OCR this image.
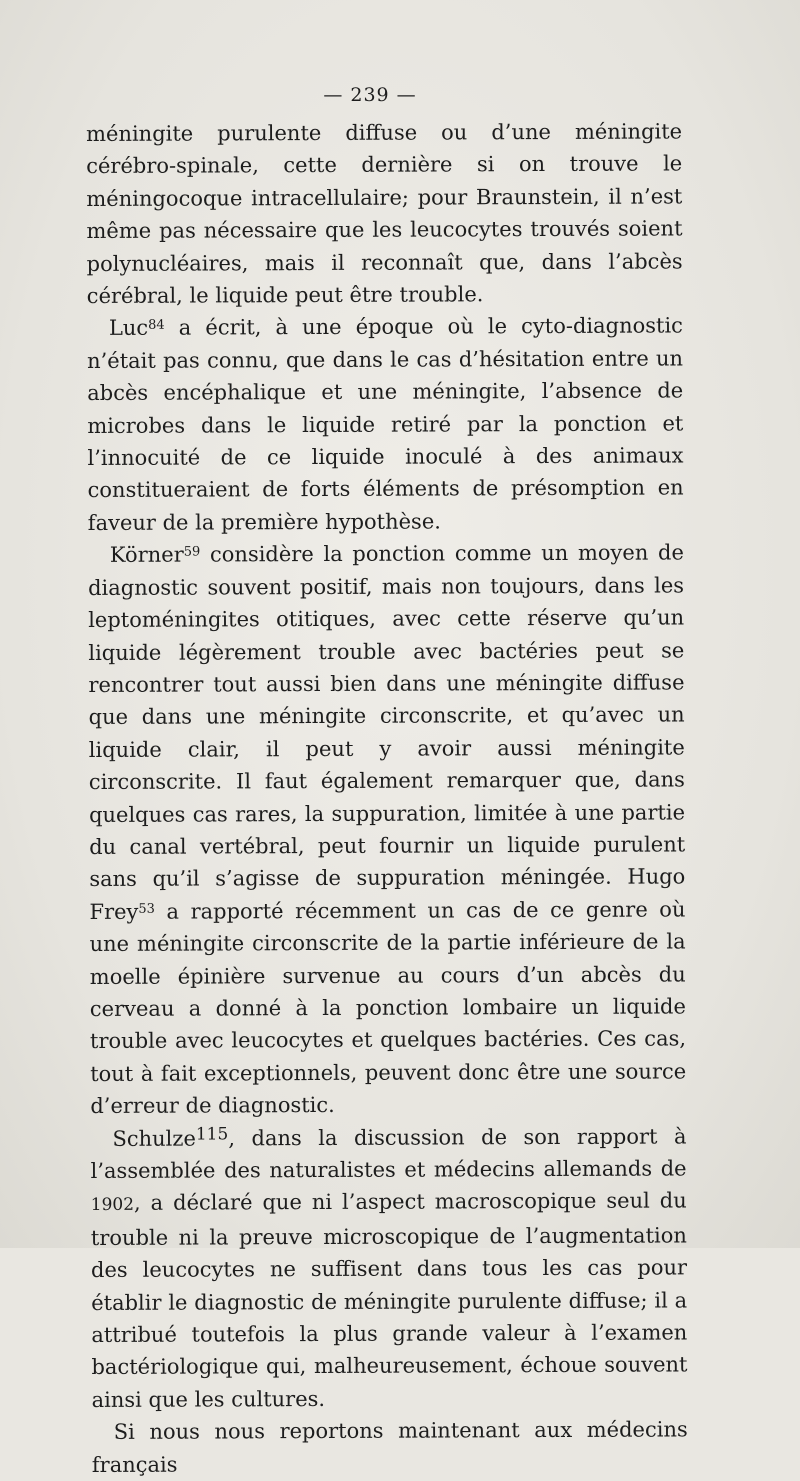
— 239 —

méningite purulente diffuse ou d’une méningite cérébro-spinale, cette dernière si on trouve le méningocoque intracellulaire; pour Braunstein, il n’est même pas nécessaire que les leucocytes trouvés soient polynucléaires, mais il reconnaît que, dans l’abcès cérébral, le liquide peut être trouble.

Luc$^{84}$ a écrit, à une époque où le cyto-diagnostic n’était pas connu, que dans le cas d’hésitation entre un abcès encéphalique et une méningite, l’absence de microbes dans le liquide retiré par la ponction et l’innocuité de ce liquide inoculé à des animaux constitueraient de forts éléments de présomption en faveur de la première hypothèse.

Körner$^{59}$ considère la ponction comme un moyen de diagnostic souvent positif, mais non toujours, dans les leptoméningites otitiques, avec cette réserve qu’un liquide légèrement trouble avec bactéries peut se rencontrer tout aussi bien dans une méningite diffuse que dans une méningite circonscrite, et qu’avec un liquide clair, il peut y avoir aussi méningite circonscrite. Il faut également remarquer que, dans quelques cas rares, la suppuration, limitée à une partie du canal vertébral, peut fournir un liquide purulent sans qu’il s’agisse de suppuration méningée. Hugo Frey$^{53}$ a rapporté récemment un cas de ce genre où une méningite circonscrite de la partie inférieure de la moelle épinière survenue au cours d’un abcès du cerveau a donné à la ponction lombaire un liquide trouble avec leucocytes et quelques bactéries. Ces cas, tout à fait exceptionnels, peuvent donc être une source d’erreur de diagnostic.

Schulze$^{115}$, dans la discussion de son rapport à l’assemblée des naturalistes et médecins allemands de 1902, a déclaré que ni l’aspect macroscopique seul du trouble ni la preuve microscopique de l’augmentation des leucocytes ne suffisent dans tous les cas pour établir le diagnostic de méningite purulente diffuse; il a attribué toutefois la plus grande valeur à l’examen bactériologique qui, malheureusement, échoue souvent ainsi que les cultures.

Si nous nous reportons maintenant aux médecins français
